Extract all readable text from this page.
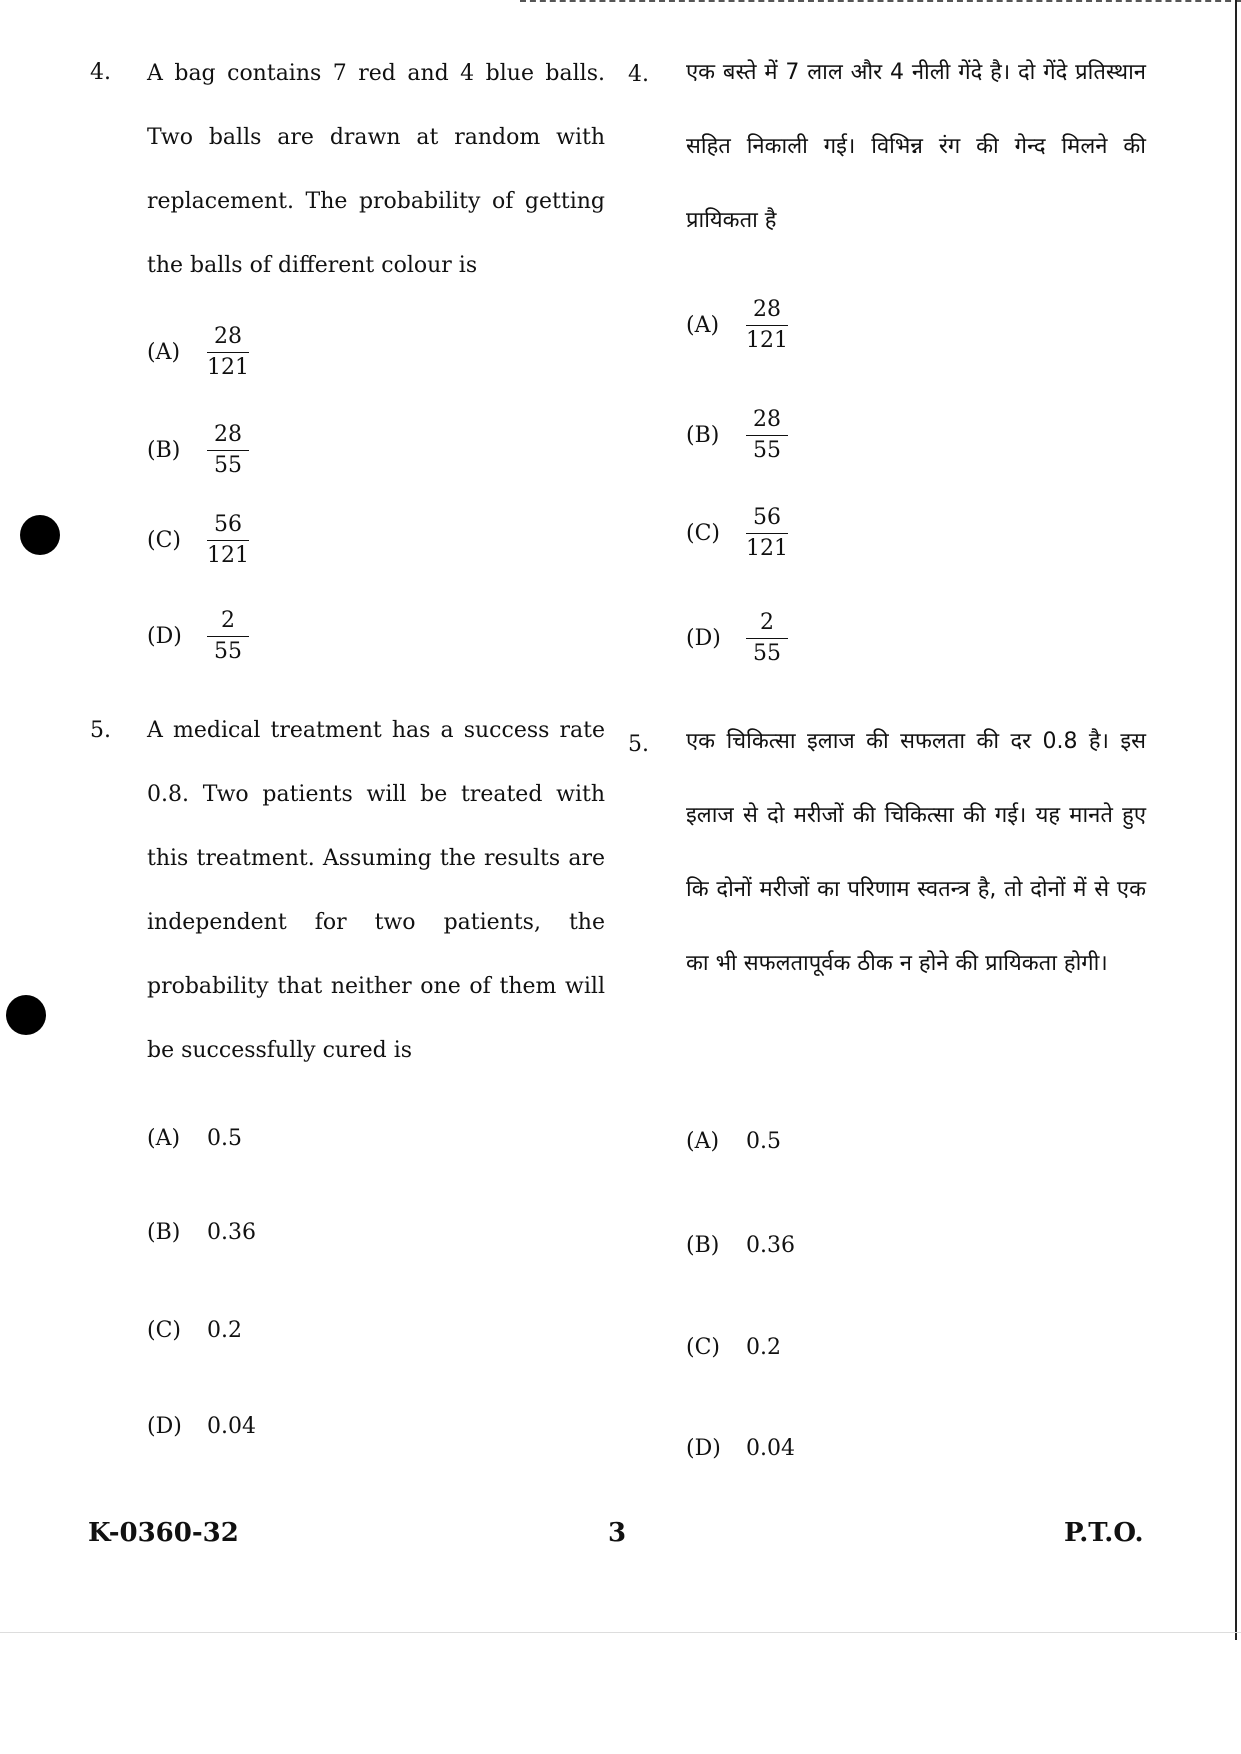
4. A bag contains 7 red and 4 blue balls. Two balls are drawn at random with replacement. The probability of getting the balls of different colour is
(A)	$\frac{28}{121}$
(B)	$\frac{28}{55}$
(C)	$\frac{56}{121}$
(D)	$\frac{2}{55}$
4. एक बस्ते में 7 लाल और 4 नीली गेंदे है। दो गेंदे प्रतिस्थान सहित निकाली गई। विभिन्न रंग की गेन्द मिलने की प्रायिकता है
(A)	$\frac{28}{121}$
(B)	$\frac{28}{55}$
(C)	$\frac{56}{121}$
(D)	$\frac{2}{55}$
5. A medical treatment has a success rate 0.8. Two patients will be treated with this treatment. Assuming the results are independent for two patients, the probability that neither one of them will be successfully cured is
(A)	0.5
(B)	0.36
(C)	0.2
(D)	0.04
5. एक चिकित्सा इलाज की सफलता की दर 0.8 है। इस इलाज से दो मरीजों की चिकित्सा की गई। यह मानते हुए कि दोनों मरीजों का परिणाम स्वतन्त्र है, तो दोनों में से एक का भी सफलतापूर्वक ठीक न होने की प्रायिकता होगी।
(A)	0.5
(B)	0.36
(C)	0.2
(D)	0.04
K-0360-32	3	P.T.O.
